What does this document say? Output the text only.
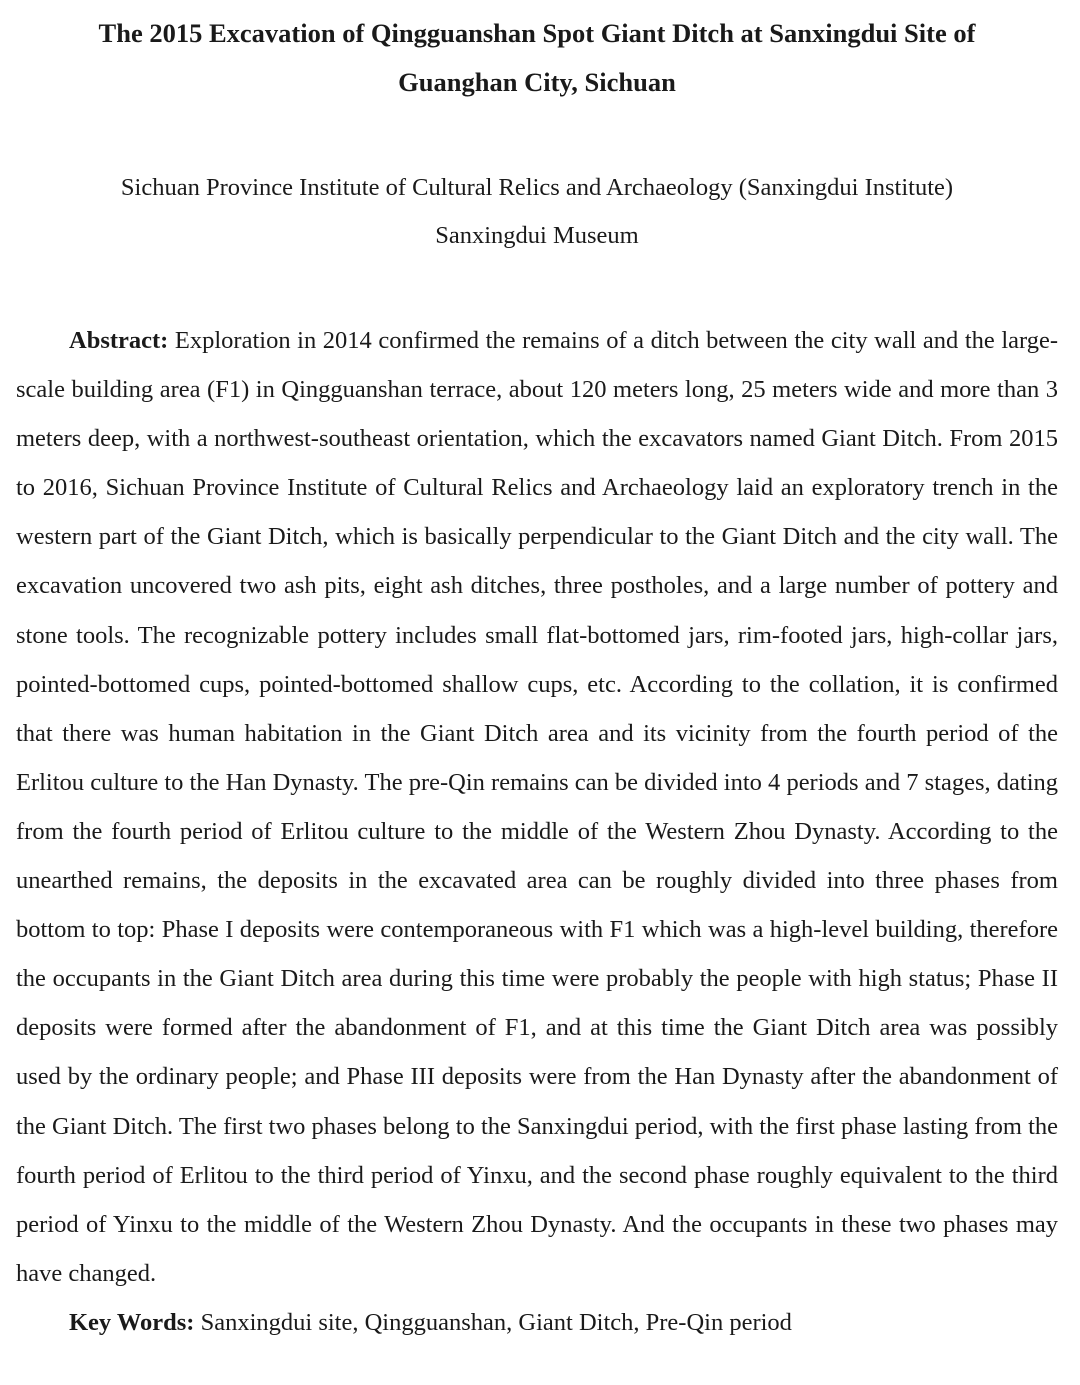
The 2015 Excavation of Qingguanshan Spot Giant Ditch at Sanxingdui Site of
Guanghan City, Sichuan
Sichuan Province Institute of Cultural Relics and Archaeology (Sanxingdui Institute)
Sanxingdui Museum
Abstract: Exploration in 2014 confirmed the remains of a ditch between the city wall and the large-scale building area (F1) in Qingguanshan terrace, about 120 meters long, 25 meters wide and more than 3 meters deep, with a northwest-southeast orientation, which the excavators named Giant Ditch. From 2015 to 2016, Sichuan Province Institute of Cultural Relics and Archaeology laid an exploratory trench in the western part of the Giant Ditch, which is basically perpendicular to the Giant Ditch and the city wall. The excavation uncovered two ash pits, eight ash ditches, three postholes, and a large number of pottery and stone tools. The recognizable pottery includes small flat-bottomed jars, rim-footed jars, high-collar jars, pointed-bottomed cups, pointed-bottomed shallow cups, etc. According to the collation, it is confirmed that there was human habitation in the Giant Ditch area and its vicinity from the fourth period of the Erlitou culture to the Han Dynasty. The pre-Qin remains can be divided into 4 periods and 7 stages, dating from the fourth period of Erlitou culture to the middle of the Western Zhou Dynasty. According to the unearthed remains, the deposits in the excavated area can be roughly divided into three phases from bottom to top: Phase I deposits were contemporaneous with F1 which was a high-level building, therefore the occupants in the Giant Ditch area during this time were probably the people with high status; Phase II deposits were formed after the abandonment of F1, and at this time the Giant Ditch area was possibly used by the ordinary people; and Phase III deposits were from the Han Dynasty after the abandonment of the Giant Ditch. The first two phases belong to the Sanxingdui period, with the first phase lasting from the fourth period of Erlitou to the third period of Yinxu, and the second phase roughly equivalent to the third period of Yinxu to the middle of the Western Zhou Dynasty. And the occupants in these two phases may have changed.
Key Words: Sanxingdui site, Qingguanshan, Giant Ditch, Pre-Qin period
